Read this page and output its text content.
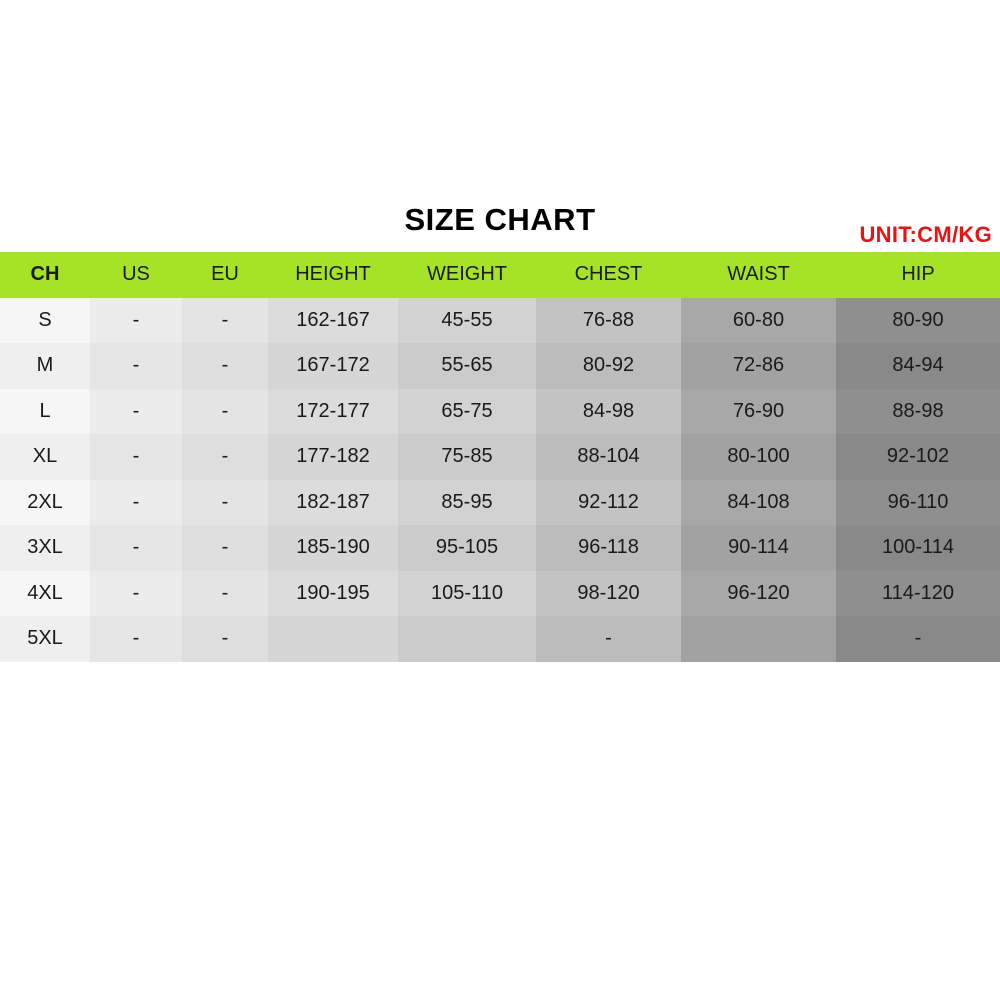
SIZE CHART	UNIT:CM/KG
CH	US	EU	HEIGHT	WEIGHT	CHEST	WAIST	HIP
S	-	-	162-167	45-55	76-88	60-80	80-90
M	-	-	167-172	55-65	80-92	72-86	84-94
L	-	-	172-177	65-75	84-98	76-90	88-98
XL	-	-	177-182	75-85	88-104	80-100	92-102
2XL	-	-	182-187	85-95	92-112	84-108	96-110
3XL	-	-	185-190	95-105	96-118	90-114	100-114
4XL	-	-	190-195	105-110	98-120	96-120	114-120
5XL	-	-			-		-
